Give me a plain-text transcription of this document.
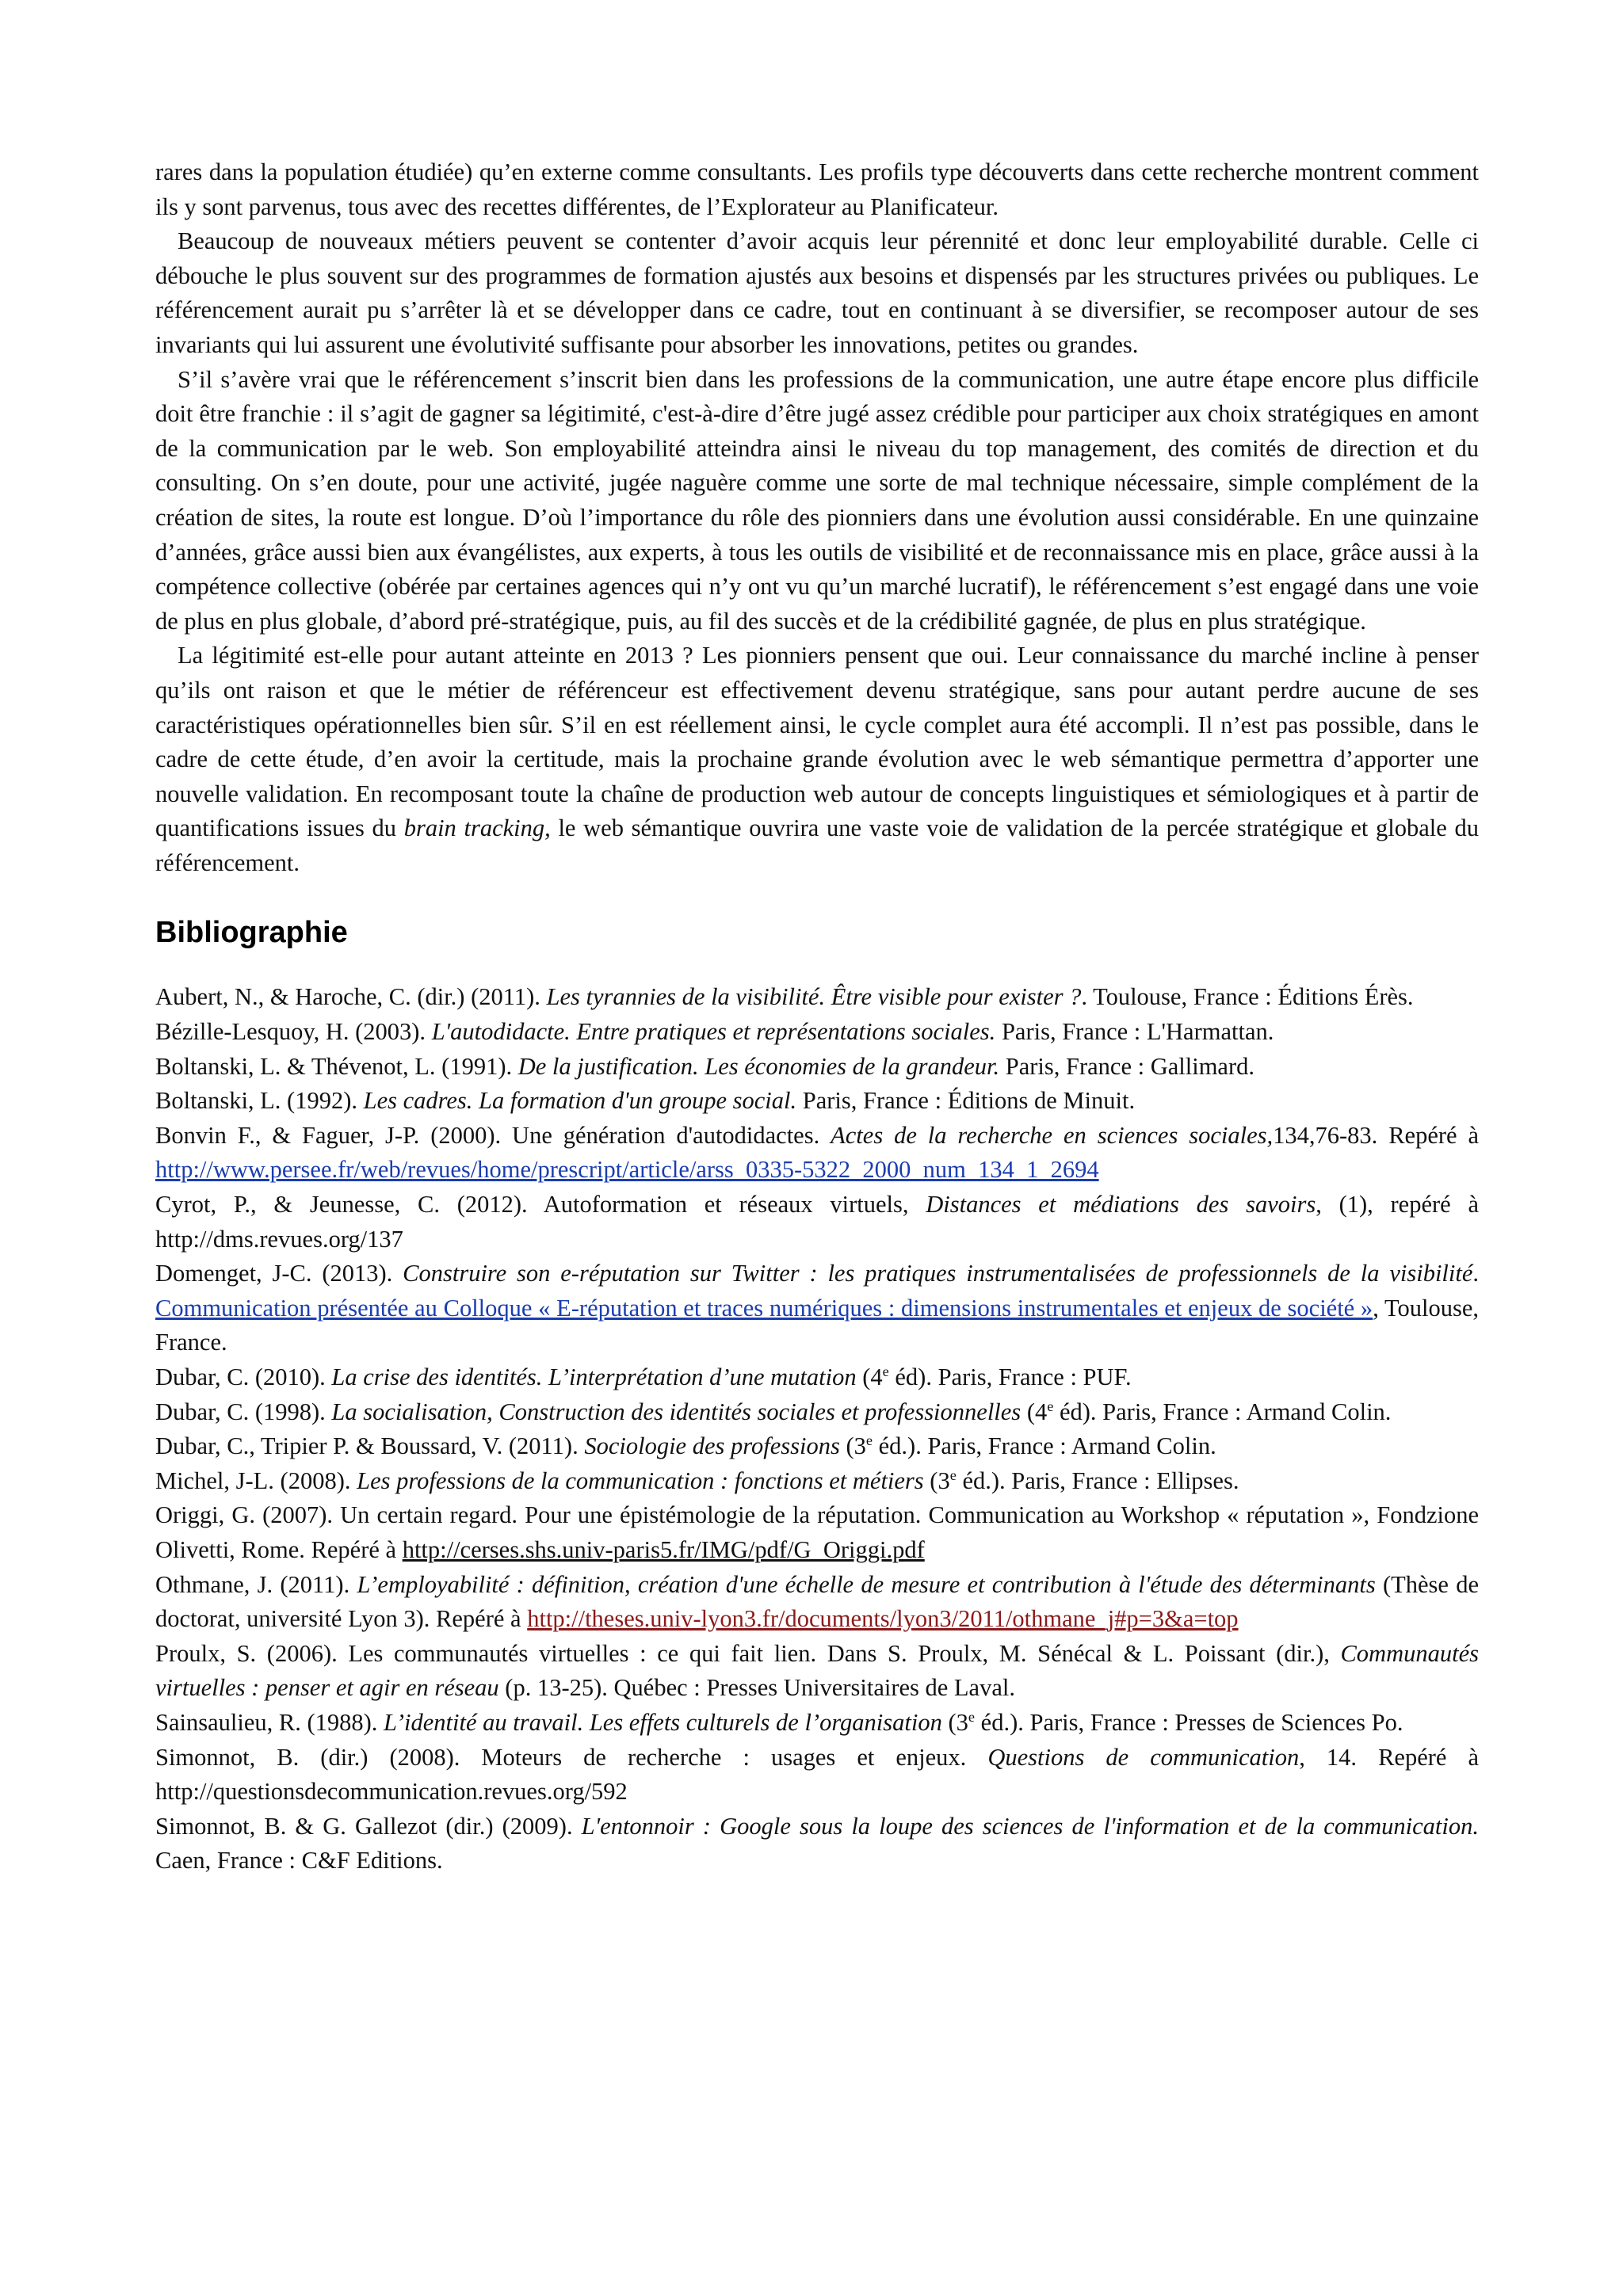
rares dans la population étudiée) qu’en externe comme consultants. Les profils type découverts dans cette recherche montrent comment ils y sont parvenus, tous avec des recettes différentes, de l’Explorateur au Planificateur.

Beaucoup de nouveaux métiers peuvent se contenter d’avoir acquis leur pérennité et donc leur employabilité durable. Celle ci débouche le plus souvent sur des programmes de formation ajustés aux besoins et dispensés par les structures privées ou publiques. Le référencement aurait pu s’arrêter là et se développer dans ce cadre, tout en continuant à se diversifier, se recomposer autour de ses invariants qui lui assurent une évolutivité suffisante pour absorber les innovations, petites ou grandes.

S’il s’avère vrai que le référencement s’inscrit bien dans les professions de la communication, une autre étape encore plus difficile doit être franchie : il s’agit de gagner sa légitimité, c'est-à-dire d’être jugé assez crédible pour participer aux choix stratégiques en amont de la communication par le web. Son employabilité atteindra ainsi le niveau du top management, des comités de direction et du consulting. On s’en doute, pour une activité, jugée naguère comme une sorte de mal technique nécessaire, simple complément de la création de sites, la route est longue. D’où l’importance du rôle des pionniers dans une évolution aussi considérable. En une quinzaine d’années, grâce aussi bien aux évangélistes, aux experts, à tous les outils de visibilité et de reconnaissance mis en place, grâce aussi à la compétence collective (obérée par certaines agences qui n’y ont vu qu’un marché lucratif), le référencement s’est engagé dans une voie de plus en plus globale, d’abord pré-stratégique, puis, au fil des succès et de la crédibilité gagnée, de plus en plus stratégique.

La légitimité est-elle pour autant atteinte en 2013 ? Les pionniers pensent que oui. Leur connaissance du marché incline à penser qu’ils ont raison et que le métier de référenceur est effectivement devenu stratégique, sans pour autant perdre aucune de ses caractéristiques opérationnelles bien sûr. S’il en est réellement ainsi, le cycle complet aura été accompli. Il n’est pas possible, dans le cadre de cette étude, d’en avoir la certitude, mais la prochaine grande évolution avec le web sémantique permettra d’apporter une nouvelle validation. En recomposant toute la chaîne de production web autour de concepts linguistiques et sémiologiques et à partir de quantifications issues du brain tracking, le web sémantique ouvrira une vaste voie de validation de la percée stratégique et globale du référencement.

Bibliographie

Aubert, N., & Haroche, C. (dir.) (2011). Les tyrannies de la visibilité. Être visible pour exister ?. Toulouse, France : Éditions Érès.

Bézille-Lesquoy, H. (2003). L'autodidacte. Entre pratiques et représentations sociales. Paris, France : L'Harmattan.

Boltanski, L. & Thévenot, L. (1991). De la justification. Les économies de la grandeur. Paris, France : Gallimard.

Boltanski, L. (1992). Les cadres. La formation d'un groupe social. Paris, France : Éditions de Minuit.

Bonvin F., & Faguer, J-P. (2000). Une génération d'autodidactes. Actes de la recherche en sciences sociales,134,76-83. Repéré à http://www.persee.fr/web/revues/home/prescript/article/arss_0335-5322_2000_num_134_1_2694

Cyrot, P., & Jeunesse, C. (2012). Autoformation et réseaux virtuels, Distances et médiations des savoirs, (1), repéré à http://dms.revues.org/137

Domenget, J-C. (2013). Construire son e-réputation sur Twitter : les pratiques instrumentalisées de professionnels de la visibilité. Communication présentée au Colloque « E-réputation et traces numériques : dimensions instrumentales et enjeux de société », Toulouse, France.

Dubar, C. (2010). La crise des identités. L’interprétation d’une mutation (4e éd). Paris, France : PUF.

Dubar, C. (1998). La socialisation, Construction des identités sociales et professionnelles (4e éd). Paris, France : Armand Colin.

Dubar, C., Tripier P. & Boussard, V. (2011). Sociologie des professions (3e éd.). Paris, France : Armand Colin.

Michel, J-L. (2008). Les professions de la communication : fonctions et métiers (3e éd.). Paris, France : Ellipses.

Origgi, G. (2007). Un certain regard. Pour une épistémologie de la réputation. Communication au Workshop « réputation », Fondzione Olivetti, Rome. Repéré à http://cerses.shs.univ-paris5.fr/IMG/pdf/G_Origgi.pdf

Othmane, J. (2011). L’employabilité : définition, création d'une échelle de mesure et contribution à l'étude des déterminants (Thèse de doctorat, université Lyon 3). Repéré à http://theses.univ-lyon3.fr/documents/lyon3/2011/othmane_j#p=3&a=top

Proulx, S. (2006). Les communautés virtuelles : ce qui fait lien. Dans S. Proulx, M. Sénécal & L. Poissant (dir.), Communautés virtuelles : penser et agir en réseau (p. 13-25). Québec : Presses Universitaires de Laval.

Sainsaulieu, R. (1988). L’identité au travail. Les effets culturels de l’organisation (3e éd.). Paris, France : Presses de Sciences Po.

Simonnot, B. (dir.) (2008). Moteurs de recherche : usages et enjeux. Questions de communication, 14. Repéré à http://questionsdecommunication.revues.org/592

Simonnot, B. & G. Gallezot (dir.) (2009). L'entonnoir : Google sous la loupe des sciences de l'information et de la communication. Caen, France : C&F Editions.
